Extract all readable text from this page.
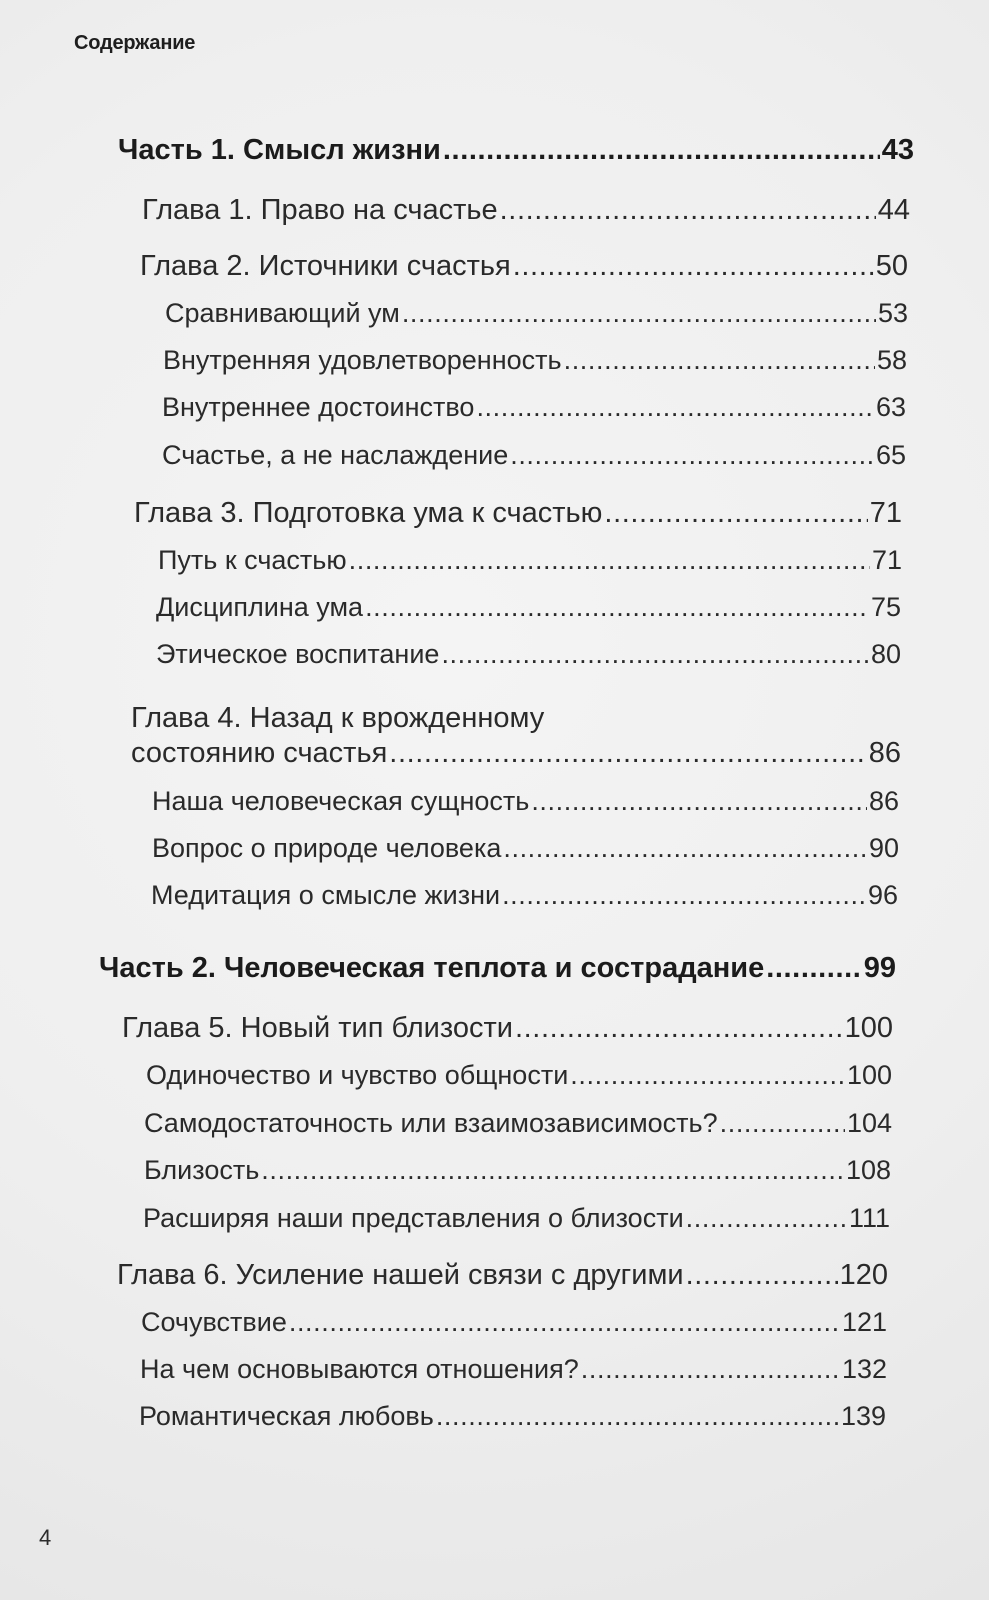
Содержание
Часть 1. Смысл жизни .....	43
Глава 1. Право на счастье .....	44
Глава 2. Источники счастья .....	50
Сравнивающий ум .....	53
Внутренняя удовлетворенность .....	58
Внутреннее достоинство .....	63
Счастье, а не наслаждение .....	65
Глава 3. Подготовка ума к счастью .....	71
Путь к счастью .....	71
Дисциплина ума .....	75
Этическое воспитание .....	80
Глава 4. Назад к врожденному
состоянию счастья .....	86
Наша человеческая сущность .....	86
Вопрос о природе человека .....	90
Медитация о смысле жизни .....	96
Часть 2. Человеческая теплота и сострадание .....	99
Глава 5. Новый тип близости .....	100
Одиночество и чувство общности .....	100
Самодостаточность или взаимозависимость? .....	104
Близость .....	108
Расширяя наши представления о близости .....	111
Глава 6. Усиление нашей связи с другими .....	120
Сочувствие .....	121
На чем основываются отношения? .....	132
Романтическая любовь .....	139
4
